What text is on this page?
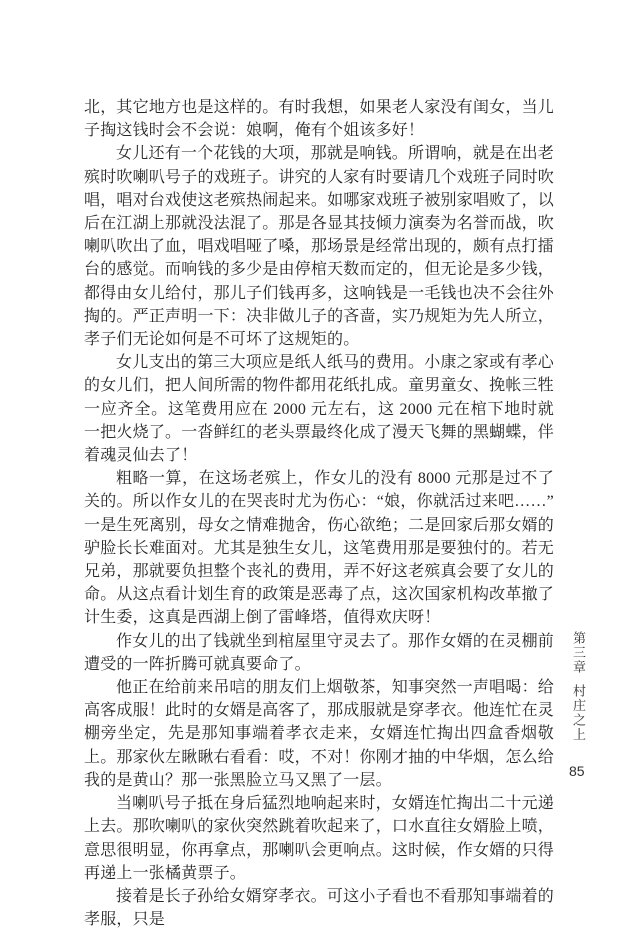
北，其它地方也是这样的。有时我想，如果老人家没有闺女，当儿子掏这钱时会不会说：娘啊，俺有个姐该多好！

女儿还有一个花钱的大项，那就是响钱。所谓响，就是在出老殡时吹喇叭号子的戏班子。讲究的人家有时要请几个戏班子同时吹唱，唱对台戏使这老殡热闹起来。如哪家戏班子被别家唱败了，以后在江湖上那就没法混了。那是各显其技倾力演奏为名誉而战，吹喇叭吹出了血，唱戏唱哑了嗓，那场景是经常出现的，颇有点打擂台的感觉。而响钱的多少是由停棺天数而定的，但无论是多少钱，都得由女儿给付，那儿子们钱再多，这响钱是一毛钱也决不会往外掏的。严正声明一下：决非做儿子的吝啬，实乃规矩为先人所立，孝子们无论如何是不可坏了这规矩的。

女儿支出的第三大项应是纸人纸马的费用。小康之家或有孝心的女儿们，把人间所需的物件都用花纸扎成。童男童女、挽帐三牲一应齐全。这笔费用应在 2000 元左右，这 2000 元在棺下地时就一把火烧了。一沓鲜红的老头票最终化成了漫天飞舞的黑蝴蝶，伴着魂灵仙去了！

粗略一算，在这场老殡上，作女儿的没有 8000 元那是过不了关的。所以作女儿的在哭丧时尤为伤心：“娘，你就活过来吧……” 一是生死离别，母女之情难抛舍，伤心欲绝；二是回家后那女婿的驴脸长长难面对。尤其是独生女儿，这笔费用那是要独付的。若无兄弟，那就要负担整个丧礼的费用，弄不好这老殡真会要了女儿的命。从这点看计划生育的政策是恶毒了点，这次国家机构改革撤了计生委，这真是西湖上倒了雷峰塔，值得欢庆呀！

作女儿的出了钱就坐到棺屋里守灵去了。那作女婿的在灵棚前遭受的一阵折腾可就真要命了。

他正在给前来吊唁的朋友们上烟敬茶，知事突然一声唱喝：给高客成服！此时的女婿是高客了，那成服就是穿孝衣。他连忙在灵棚旁坐定，先是那知事端着孝衣走来，女婿连忙掏出四盒香烟敬上。那家伙左瞅瞅右看看：哎，不对！你刚才抽的中华烟，怎么给我的是黄山？那一张黑脸立马又黑了一层。

当喇叭号子抵在身后猛烈地响起来时，女婿连忙掏出二十元递上去。那吹喇叭的家伙突然跳着吹起来了，口水直往女婿脸上喷，意思很明显，你再拿点，那喇叭会更响点。这时候，作女婿的只得再递上一张橘黄票子。

接着是长子孙给女婿穿孝衣。可这小子看也不看那知事端着的孝服，只是

第三章
村庄之上
85
